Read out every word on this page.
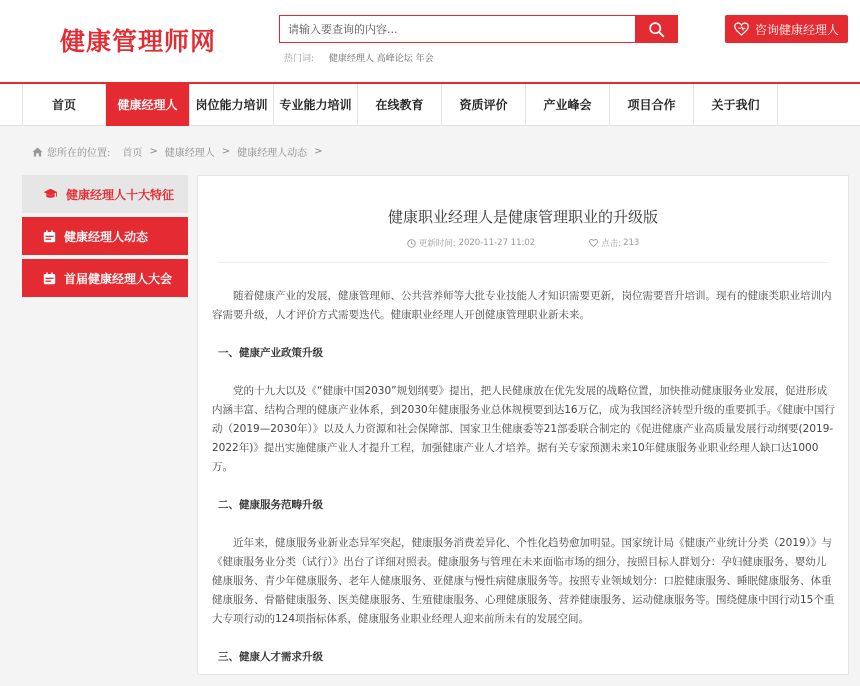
健康管理师网
请输入要查询的内容...
热门词: 健康经理人 高峰论坛 年会
咨询健康经理人
首页	健康经理人	岗位能力培训 专业能力培训	在线教育	资质评价	产业峰会	项目合作	关于我们
您所在的位置: 首页 > 健康经理人 > 健康经理人动态 >
健康经理人十大特征
健康经理人动态
首届健康经理人大会
健康职业经理人是健康管理职业的升级版
更新时间: 2020-11-27 11:02	点击: 213

随着健康产业的发展，健康管理师、公共营养师等大批专业技能人才知识需要更新，岗位需要晋升培训。现有的健康类职业培训内容需要升级，人才评价方式需要迭代。健康职业经理人开创健康管理职业新未来。

一、健康产业政策升级

党的十九大以及《“健康中国2030”规划纲要》提出，把人民健康放在优先发展的战略位置，加快推动健康服务业发展，促进形成内涵丰富、结构合理的健康产业体系，到2030年健康服务业总体规模要到达16万亿，成为我国经济转型升级的重要抓手。《健康中国行动（2019—2030年）》以及人力资源和社会保障部、国家卫生健康委等21部委联合制定的《促进健康产业高质量发展行动纲要(2019-2022年)》提出实施健康产业人才提升工程，加强健康产业人才培养。据有关专家预测未来10年健康服务业职业经理人缺口达1000万。

二、健康服务范畴升级

近年来，健康服务业新业态异军突起，健康服务消费差异化、个性化趋势愈加明显。国家统计局《健康产业统计分类（2019）》与《健康服务业分类（试行）》出台了详细对照表。健康服务与管理在未来面临市场的细分，按照目标人群划分：孕妇健康服务、婴幼儿健康服务、青少年健康服务、老年人健康服务、亚健康与慢性病健康服务等。按照专业领域划分：口腔健康服务、睡眠健康服务、体重健康服务、骨骼健康服务、医美健康服务、生殖健康服务、心理健康服务、营养健康服务、运动健康服务等。围绕健康中国行动15个重大专项行动的124项指标体系，健康服务业职业经理人迎来前所未有的发展空间。

三、健康人才需求升级
